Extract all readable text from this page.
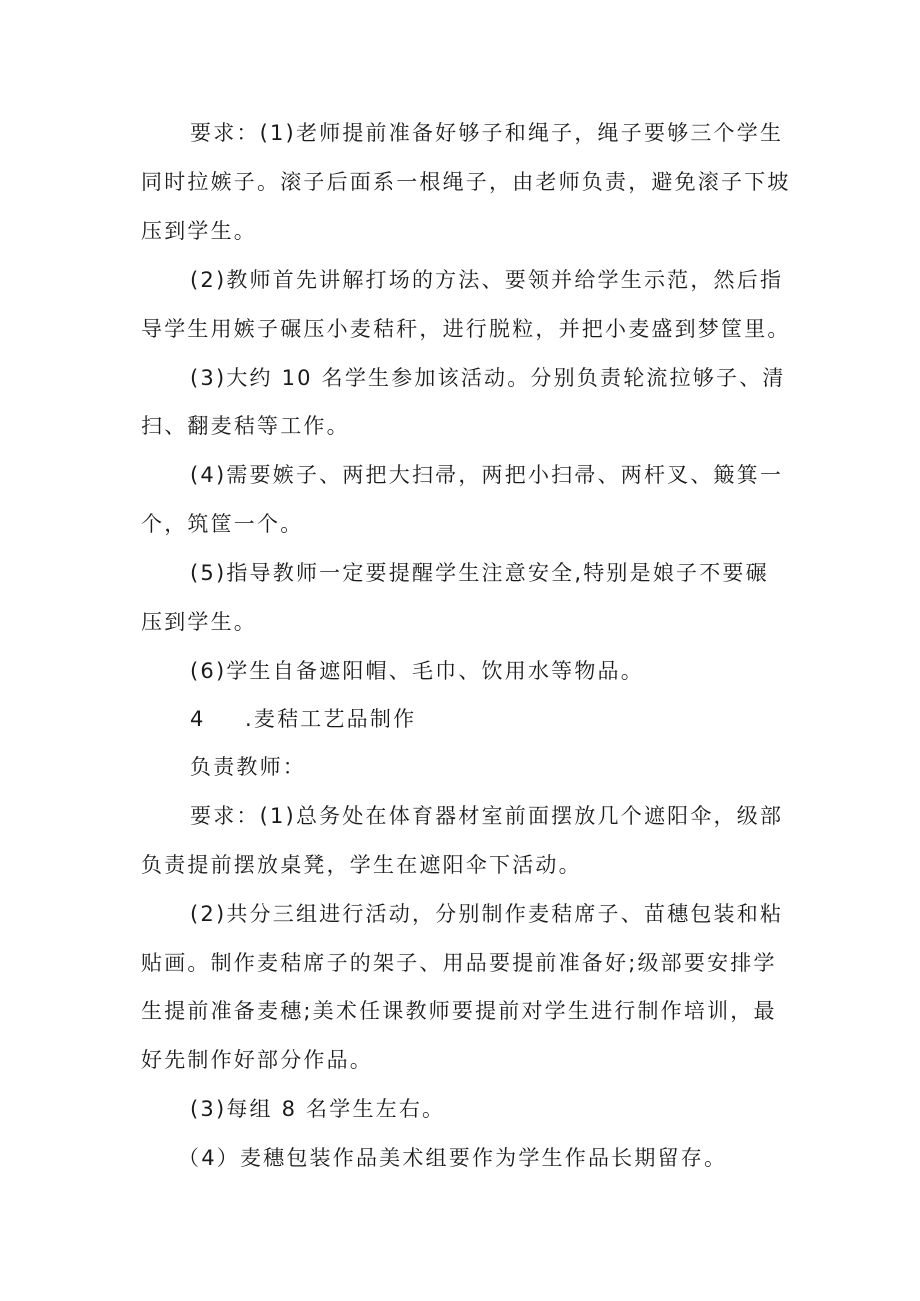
要求：(1)老师提前准备好够子和绳子，绳子要够三个学生
同时拉嫉子。滚子后面系一根绳子，由老师负责，避免滚子下坡
压到学生。
(2)教师首先讲解打场的方法、要领并给学生示范，然后指
导学生用嫉子碾压小麦秸秆，进行脱粒，并把小麦盛到梦筐里。
(3)大约 10 名学生参加该活动。分别负责轮流拉够子、清
扫、翻麦秸等工作。
(4)需要嫉子、两把大扫帚，两把小扫帚、两杆叉、簸箕一
个，筑筐一个。
(5)指导教师一定要提醒学生注意安全,特别是娘子不要碾
压到学生。
(6)学生自备遮阳帽、毛巾、饮用水等物品。
4 .麦秸工艺品制作
负责教师：
要求：(1)总务处在体育器材室前面摆放几个遮阳伞，级部
负责提前摆放桌凳，学生在遮阳伞下活动。
(2)共分三组进行活动，分别制作麦秸席子、苗穗包装和粘
贴画。制作麦秸席子的架子、用品要提前准备好;级部要安排学
生提前准备麦穗;美术任课教师要提前对学生进行制作培训，最
好先制作好部分作品。
(3)每组 8 名学生左右。
（4）麦穗包装作品美术组要作为学生作品长期留存。
